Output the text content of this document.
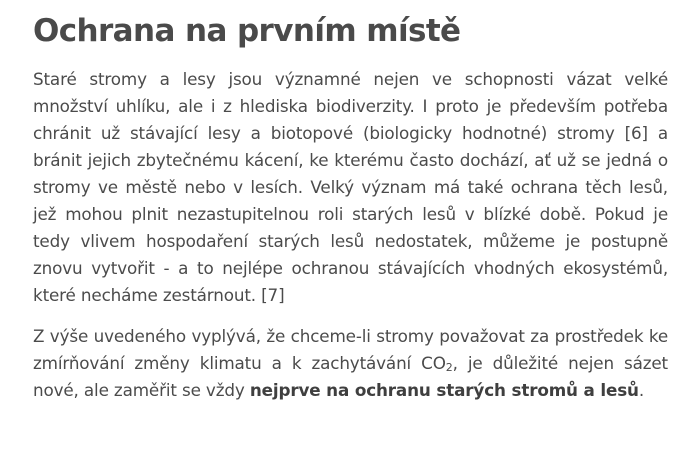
Ochrana na prvním místě

Staré stromy a lesy jsou významné nejen ve schopnosti vázat velké množství uhlíku, ale i z hlediska biodiverzity. I proto je především potřeba chránit už stávající lesy a biotopové (biologicky hodnotné) stromy [6] a bránit jejich zbytečnému kácení, ke kterému často dochází, ať už se jedná o stromy ve městě nebo v lesích. Velký význam má také ochrana těch lesů, jež mohou plnit nezastupitelnou roli starých lesů v blízké době. Pokud je tedy vlivem hospodaření starých lesů nedostatek, můžeme je postupně znovu vytvořit - a to nejlépe ochranou stávajících vhodných ekosystémů, které necháme zestárnout. [7]

Z výše uvedeného vyplývá, že chceme-li stromy považovat za prostředek ke zmírňování změny klimatu a k zachytávání $CO_2$, je důležité nejen sázet nové, ale zaměřit se vždy nejprve na ochranu starých stromů a lesů.
